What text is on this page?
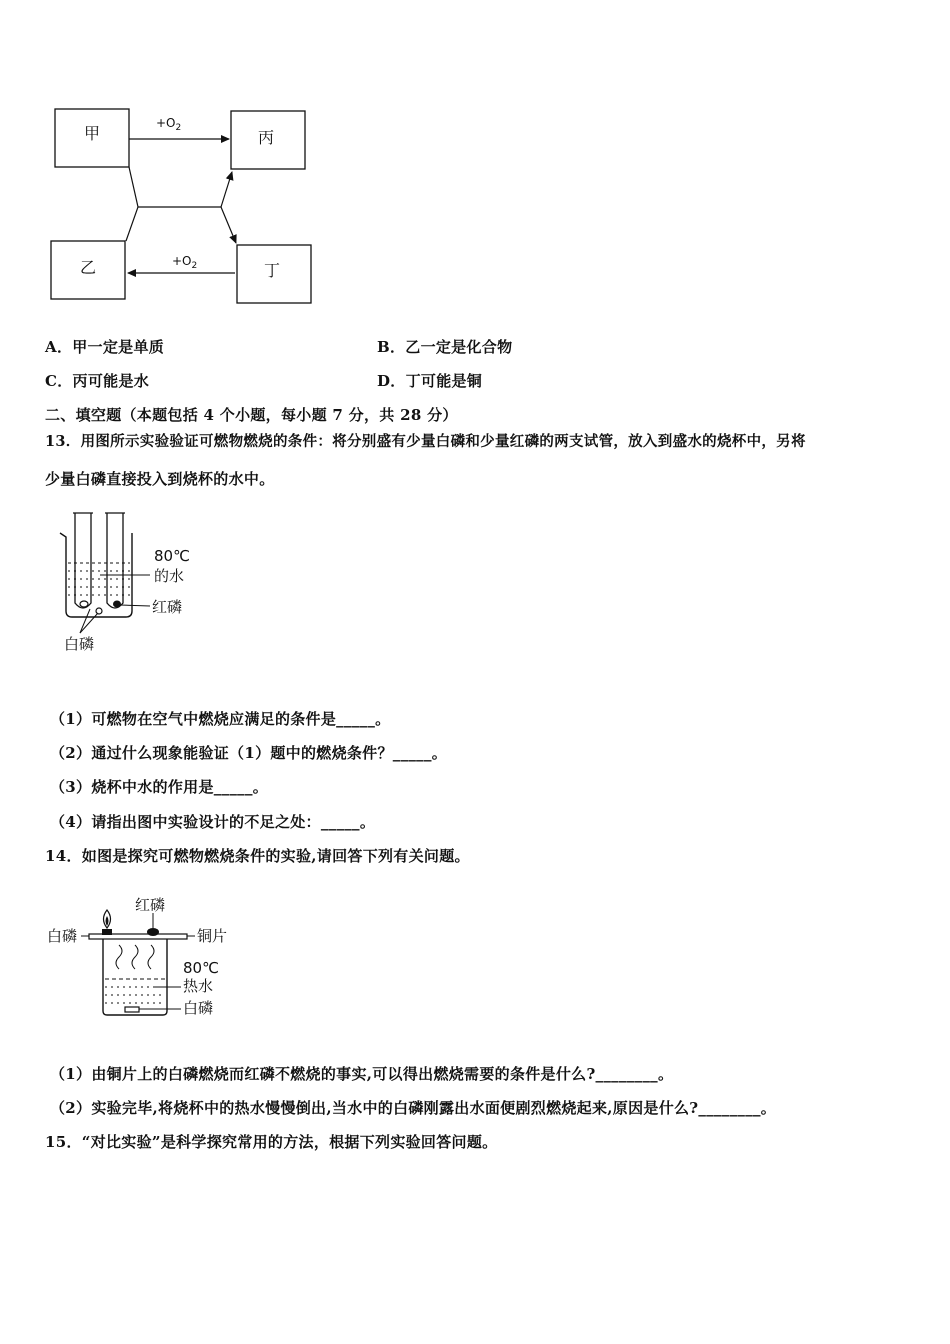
甲	丙
乙	丁
$+O_2$
$+O_2$
A．甲一定是单质	B．乙一定是化合物
C．丙可能是水	D．丁可能是铜
二、填空题（本题包括 4 个小题，每小题 7 分，共 28 分）
13．用图所示实验验证可燃物燃烧的条件：将分别盛有少量白磷和少量红磷的两支试管，放入到盛水的烧杯中，另将
少量白磷直接投入到烧杯的水中。
80℃
的水
红磷
白磷
（1）可燃物在空气中燃烧应满足的条件是_____。
（2）通过什么现象能验证（1）题中的燃烧条件？_____。
（3）烧杯中水的作用是_____。
（4）请指出图中实验设计的不足之处：_____。
14．如图是探究可燃物燃烧条件的实验,请回答下列有关问题。
红磷
白磷	铜片
80℃
热水
白磷
（1）由铜片上的白磷燃烧而红磷不燃烧的事实,可以得出燃烧需要的条件是什么?________。
（2）实验完毕,将烧杯中的热水慢慢倒出,当水中的白磷刚露出水面便剧烈燃烧起来,原因是什么?________。
15．“对比实验”是科学探究常用的方法，根据下列实验回答问题。
